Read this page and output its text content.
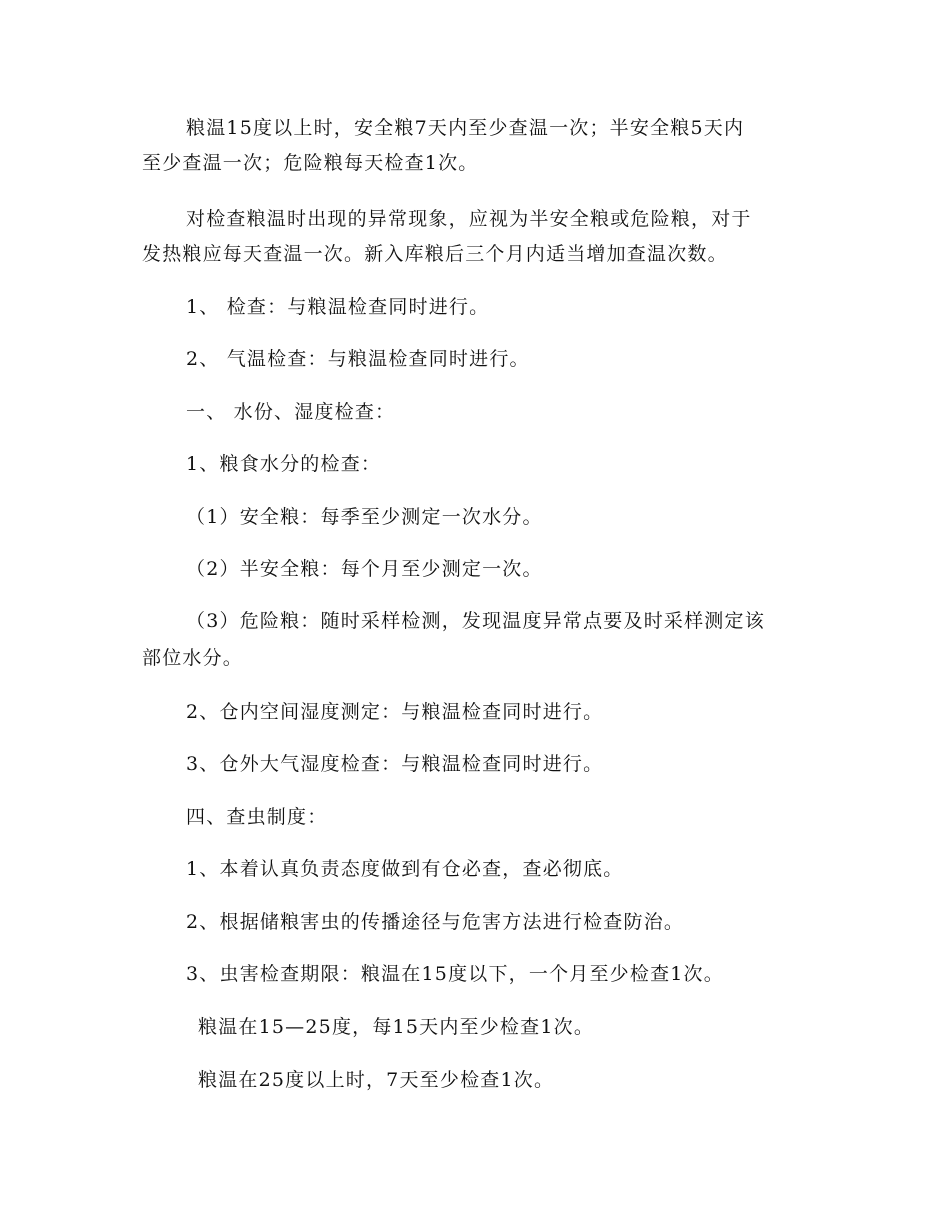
粮温15度以上时，安全粮7天内至少查温一次；半安全粮5天内
至少查温一次；危险粮每天检查1次。
对检查粮温时出现的异常现象，应视为半安全粮或危险粮，对于
发热粮应每天查温一次。新入库粮后三个月内适当增加查温次数。
1、 检查：与粮温检查同时进行。
2、 气温检查：与粮温检查同时进行。
一、 水份、湿度检查：
1、粮食水分的检查：
（1）安全粮：每季至少测定一次水分。
（2）半安全粮：每个月至少测定一次。
（3）危险粮：随时采样检测，发现温度异常点要及时采样测定该
部位水分。
2、仓内空间湿度测定：与粮温检查同时进行。
3、仓外大气湿度检查：与粮温检查同时进行。
四、查虫制度：
1、本着认真负责态度做到有仓必查，查必彻底。
2、根据储粮害虫的传播途径与危害方法进行检查防治。
3、虫害检查期限：粮温在15度以下，一个月至少检查1次。
粮温在15—25度，每15天内至少检查1次。
粮温在25度以上时，7天至少检查1次。
